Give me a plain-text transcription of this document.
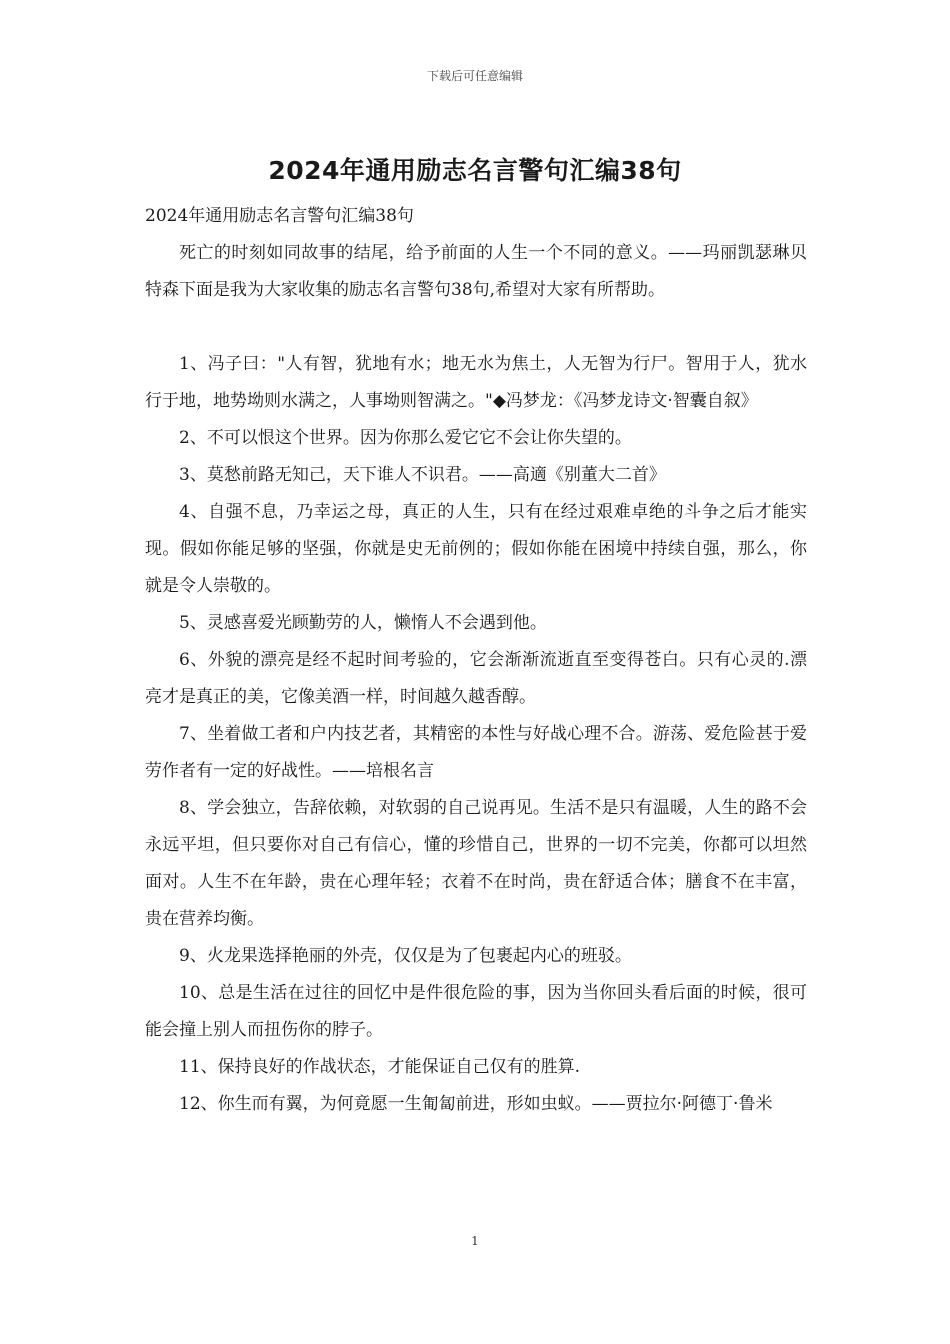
下载后可任意编辑
2024年通用励志名言警句汇编38句

2024年通用励志名言警句汇编38句

死亡的时刻如同故事的结尾，给予前面的人生一个不同的意义。——玛丽凯瑟琳贝特森下面是我为大家收集的励志名言警句38句,希望对大家有所帮助。

1、冯子曰："人有智，犹地有水；地无水为焦土，人无智为行尸。智用于人，犹水行于地，地势坳则水满之，人事坳则智满之。"◆冯梦龙：《冯梦龙诗文·智囊自叙》

2、不可以恨这个世界。因为你那么爱它它不会让你失望的。

3、莫愁前路无知己，天下谁人不识君。——高適《别董大二首》

4、自强不息，乃幸运之母，真正的人生，只有在经过艰难卓绝的斗争之后才能实现。假如你能足够的坚强，你就是史无前例的；假如你能在困境中持续自强，那么，你就是令人崇敬的。

5、灵感喜爱光顾勤劳的人，懒惰人不会遇到他。

6、外貌的漂亮是经不起时间考验的，它会渐渐流逝直至变得苍白。只有心灵的.漂亮才是真正的美，它像美酒一样，时间越久越香醇。

7、坐着做工者和户内技艺者，其精密的本性与好战心理不合。游荡、爱危险甚于爱劳作者有一定的好战性。——培根名言

8、学会独立，告辞依赖，对软弱的自己说再见。生活不是只有温暖，人生的路不会永远平坦，但只要你对自己有信心，懂的珍惜自己，世界的一切不完美，你都可以坦然面对。人生不在年龄，贵在心理年轻；衣着不在时尚，贵在舒适合体；膳食不在丰富，贵在营养均衡。

9、火龙果选择艳丽的外壳，仅仅是为了包裹起内心的班驳。

10、总是生活在过往的回忆中是件很危险的事，因为当你回头看后面的时候，很可能会撞上别人而扭伤你的脖子。

11、保持良好的作战状态，才能保证自己仅有的胜算.

12、你生而有翼，为何竟愿一生匍匐前进，形如虫蚁。——贾拉尔·阿德丁·鲁米

1
